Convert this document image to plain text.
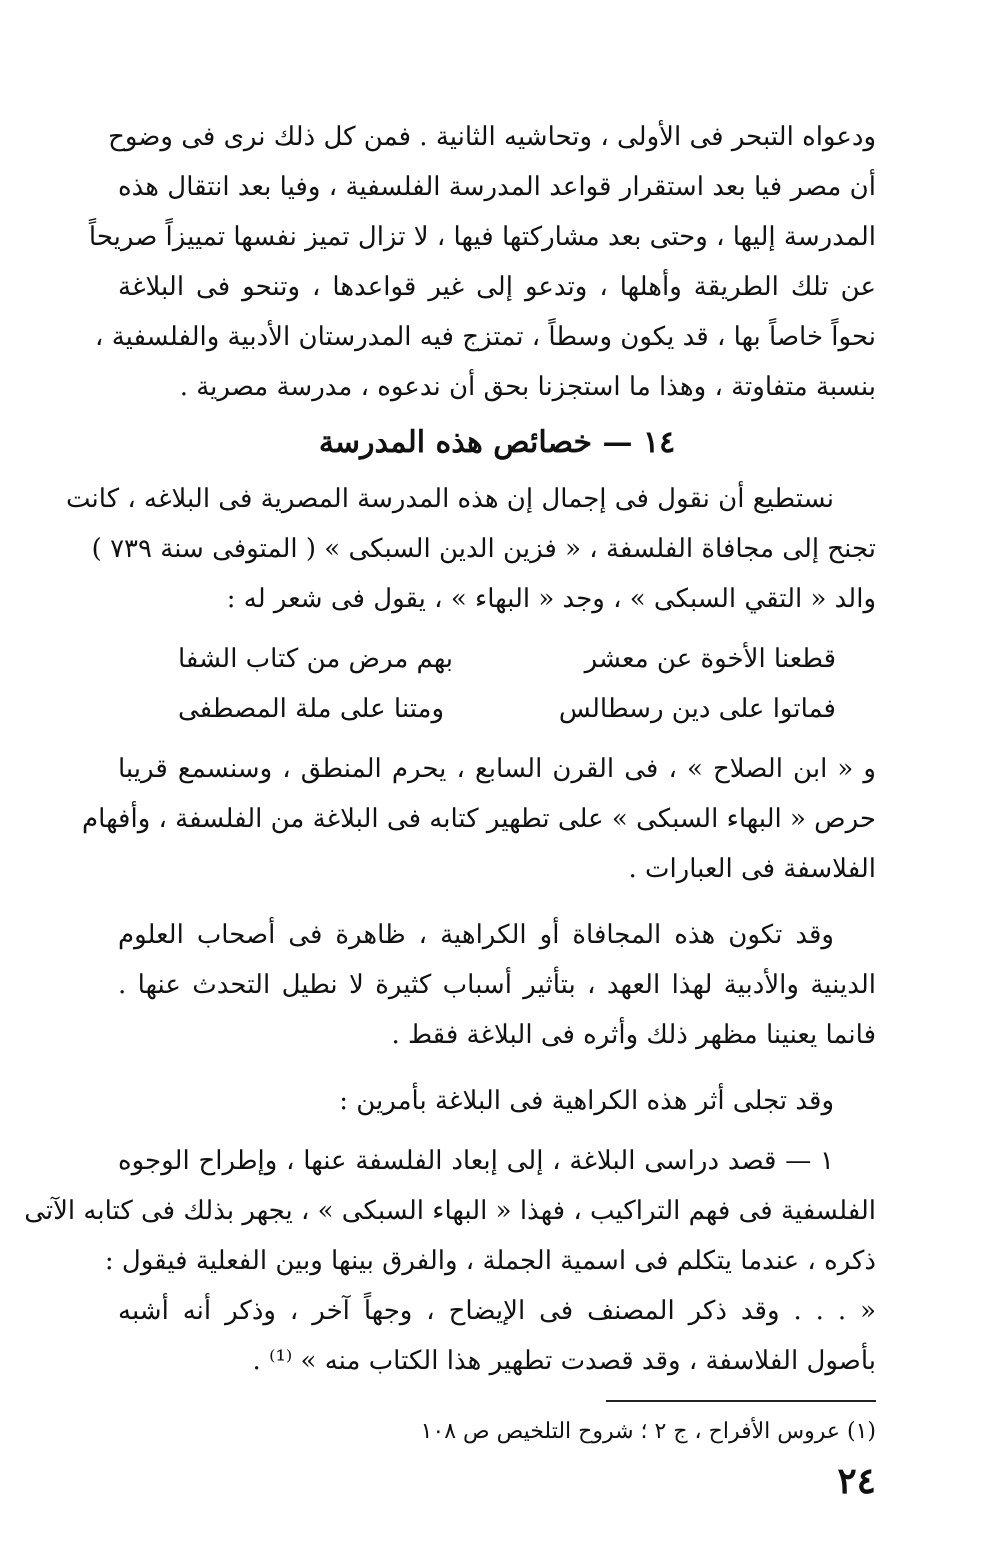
ودعواه التبحر فى الأولى ، وتحاشيه الثانية . فمن كل ذلك نرى فى وضوح
أن مصر فيا بعد استقرار قواعد المدرسة الفلسفية ، وفيا بعد انتقال هذه
المدرسة إليها ، وحتى بعد مشاركتها فيها ، لا تزال تميز نفسها تمييزاً صريحاً
عن تلك الطريقة وأهلها ، وتدعو إلى غير قواعدها ، وتنحو فى البلاغة
نحواً خاصاً بها ، قد يكون وسطاً ، تمتزج فيه المدرستان الأدبية والفلسفية ،
بنسبة متفاوتة ، وهذا ما استجزنا بحق أن ندعوه ، مدرسة مصرية .
١٤ — خصائص هذه المدرسة
نستطيع أن نقول فى إجمال إن هذه المدرسة المصرية فى البلاغه ، كانت
تجنح إلى مجافاة الفلسفة ، « فزين الدين السبكى » ( المتوفى سنة ٧٣٩ )
والد « التقي السبكى » ، وجد « البهاء » ، يقول فى شعر له :
قطعنا الأخوة عن معشر
بهم مرض من كتاب الشفا
فماتوا على دين رسطالس
ومتنا على ملة المصطفى
و « ابن الصلاح » ، فى القرن السابع ، يحرم المنطق ، وسنسمع قريبا
حرص « البهاء السبكى » على تطهير كتابه فى البلاغة من الفلسفة ، وأفهام
الفلاسفة فى العبارات .
وقد تكون هذه المجافاة أو الكراهية ، ظاهرة فى أصحاب العلوم
الدينية والأدبية لهذا العهد ، بتأثير أسباب كثيرة لا نطيل التحدث عنها .
فانما يعنينا مظهر ذلك وأثره فى البلاغة فقط .
وقد تجلى أثر هذه الكراهية فى البلاغة بأمرين :
١ — قصد دراسى البلاغة ، إلى إبعاد الفلسفة عنها ، وإطراح الوجوه
الفلسفية فى فهم التراكيب ، فهذا « البهاء السبكى » ، يجهر بذلك فى كتابه الآتى
ذكره ، عندما يتكلم فى اسمية الجملة ، والفرق بينها وبين الفعلية فيقول :
« . . . وقد ذكر المصنف فى الإيضاح ، وجهاً آخر ، وذكر أنه أشبه
بأصول الفلاسفة ، وقد قصدت تطهير هذا الكتاب منه » ⁽¹⁾ .
(١) عروس الأفراح ، ج ٢ ؛ شروح التلخيص ص ١٠٨
٢٤
